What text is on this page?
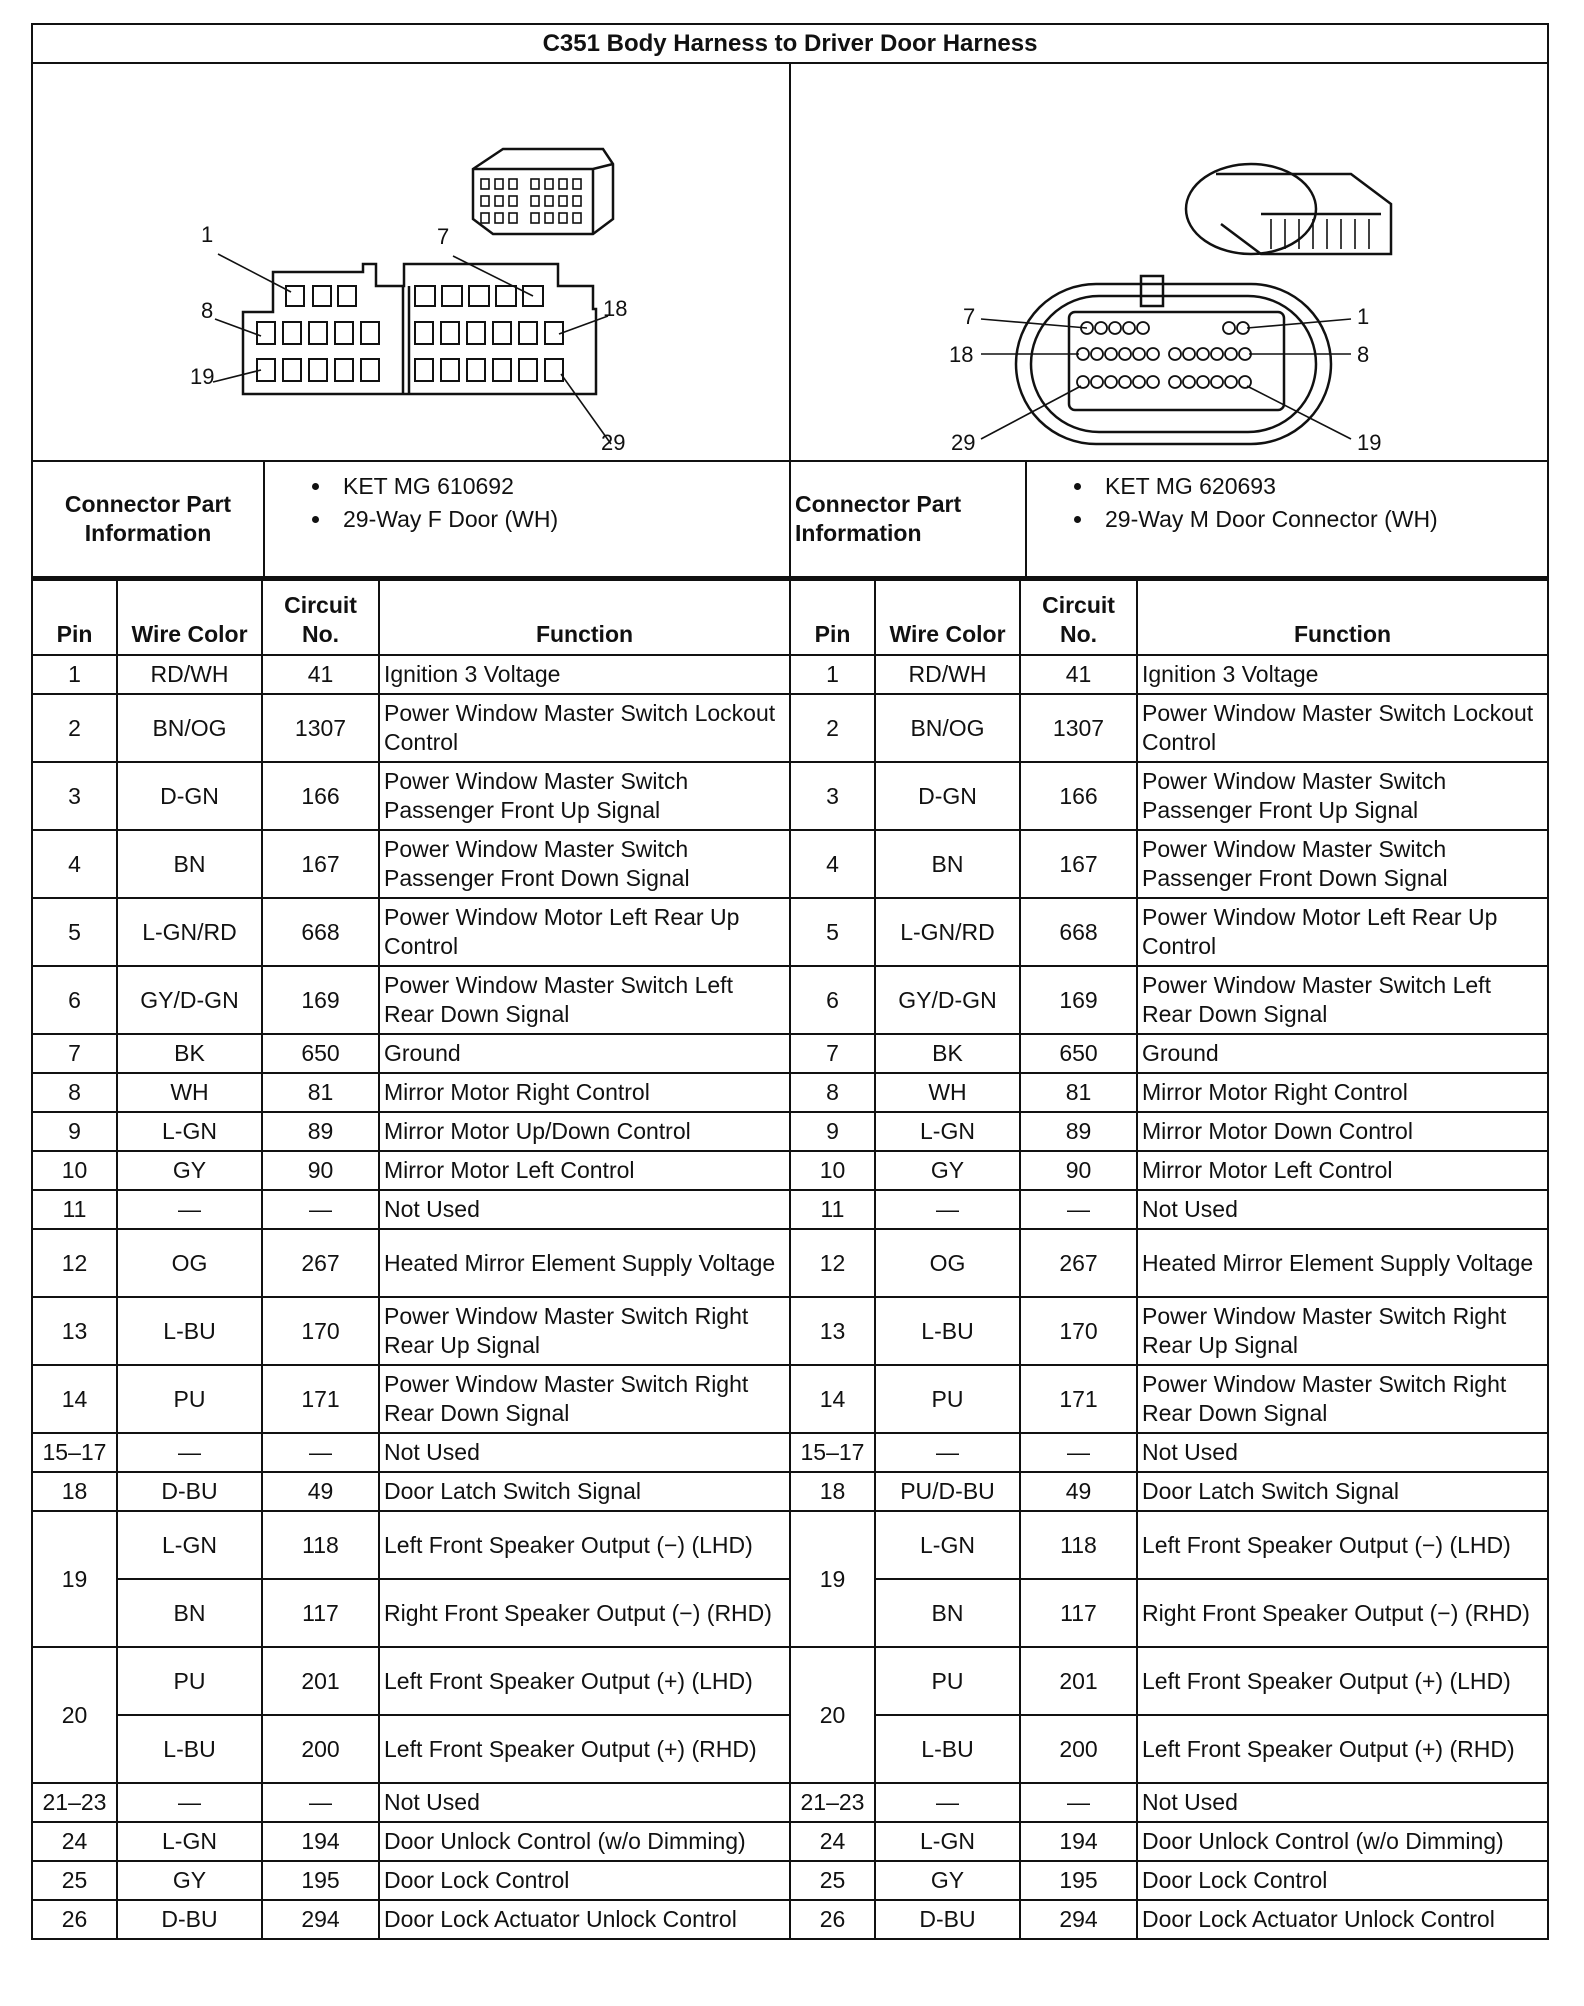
C351 Body Harness to Driver Door Harness
1	7
8	18
19
29
7	1
18	8
29	19
Connector Part Information
• KET MG 610692
• 29-Way F Door (WH)
Connector Part Information
• KET MG 620693
• 29-Way M Door Connector (WH)
Pin	Wire Color	Circuit No.	Function
1	RD/WH	41	Ignition 3 Voltage
2	BN/OG	1307	Power Window Master Switch Lockout Control
3	D-GN	166	Power Window Master Switch Passenger Front Up Signal
4	BN	167	Power Window Master Switch Passenger Front Down Signal
5	L-GN/RD	668	Power Window Motor Left Rear Up Control
6	GY/D-GN	169	Power Window Master Switch Left Rear Down Signal
7	BK	650	Ground
8	WH	81	Mirror Motor Right Control
9	L-GN	89	Mirror Motor Up/Down Control
10	GY	90	Mirror Motor Left Control
11	—	—	Not Used
12	OG	267	Heated Mirror Element Supply Voltage
13	L-BU	170	Power Window Master Switch Right Rear Up Signal
14	PU	171	Power Window Master Switch Right Rear Down Signal
15–17	—	—	Not Used
18	D-BU	49	Door Latch Switch Signal
19	L-GN	118	Left Front Speaker Output (−) (LHD)
	BN	117	Right Front Speaker Output (−) (RHD)
20	PU	201	Left Front Speaker Output (+) (LHD)
	L-BU	200	Left Front Speaker Output (+) (RHD)
21–23	—	—	Not Used
24	L-GN	194	Door Unlock Control (w/o Dimming)
25	GY	195	Door Lock Control
26	D-BU	294	Door Lock Actuator Unlock Control
Pin	Wire Color	Circuit No.	Function
1	RD/WH	41	Ignition 3 Voltage
2	BN/OG	1307	Power Window Master Switch Lockout Control
3	D-GN	166	Power Window Master Switch Passenger Front Up Signal
4	BN	167	Power Window Master Switch Passenger Front Down Signal
5	L-GN/RD	668	Power Window Motor Left Rear Up Control
6	GY/D-GN	169	Power Window Master Switch Left Rear Down Signal
7	BK	650	Ground
8	WH	81	Mirror Motor Right Control
9	L-GN	89	Mirror Motor Down Control
10	GY	90	Mirror Motor Left Control
11	—	—	Not Used
12	OG	267	Heated Mirror Element Supply Voltage
13	L-BU	170	Power Window Master Switch Right Rear Up Signal
14	PU	171	Power Window Master Switch Right Rear Down Signal
15–17	—	—	Not Used
18	PU/D-BU	49	Door Latch Switch Signal
19	L-GN	118	Left Front Speaker Output (−) (LHD)
	BN	117	Right Front Speaker Output (−) (RHD)
20	PU	201	Left Front Speaker Output (+) (LHD)
	L-BU	200	Left Front Speaker Output (+) (RHD)
21–23	—	—	Not Used
24	L-GN	194	Door Unlock Control (w/o Dimming)
25	GY	195	Door Lock Control
26	D-BU	294	Door Lock Actuator Unlock Control
